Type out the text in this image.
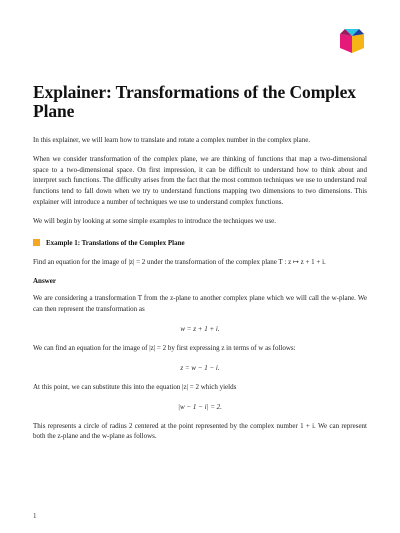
Explainer: Transformations of the Complex Plane

In this explainer, we will learn how to translate and rotate a complex number in the complex plane.

When we consider transformation of the complex plane, we are thinking of functions that map a two-dimensional space to a two-dimensional space. On first impression, it can be difficult to understand how to think about and interpret such functions. The difficulty arises from the fact that the most common techniques we use to understand real functions tend to fall down when we try to understand functions mapping two dimensions to two dimensions. This explainer will introduce a number of techniques we use to understand complex functions.

We will begin by looking at some simple examples to introduce the techniques we use.

Example 1: Translations of the Complex Plane

Find an equation for the image of |z| = 2 under the transformation of the complex plane T : z ↦ z + 1 + i.

Answer

We are considering a transformation T from the z-plane to another complex plane which we will call the w-plane. We can then represent the transformation as

w = z + 1 + i.

We can find an equation for the image of |z| = 2 by first expressing z in terms of w as follows:

z = w − 1 − i.

At this point, we can substitute this into the equation |z| = 2 which yields

|w − 1 − i| = 2.

This represents a circle of radius 2 centered at the point represented by the complex number 1 + i. We can represent both the z-plane and the w-plane as follows.

1
